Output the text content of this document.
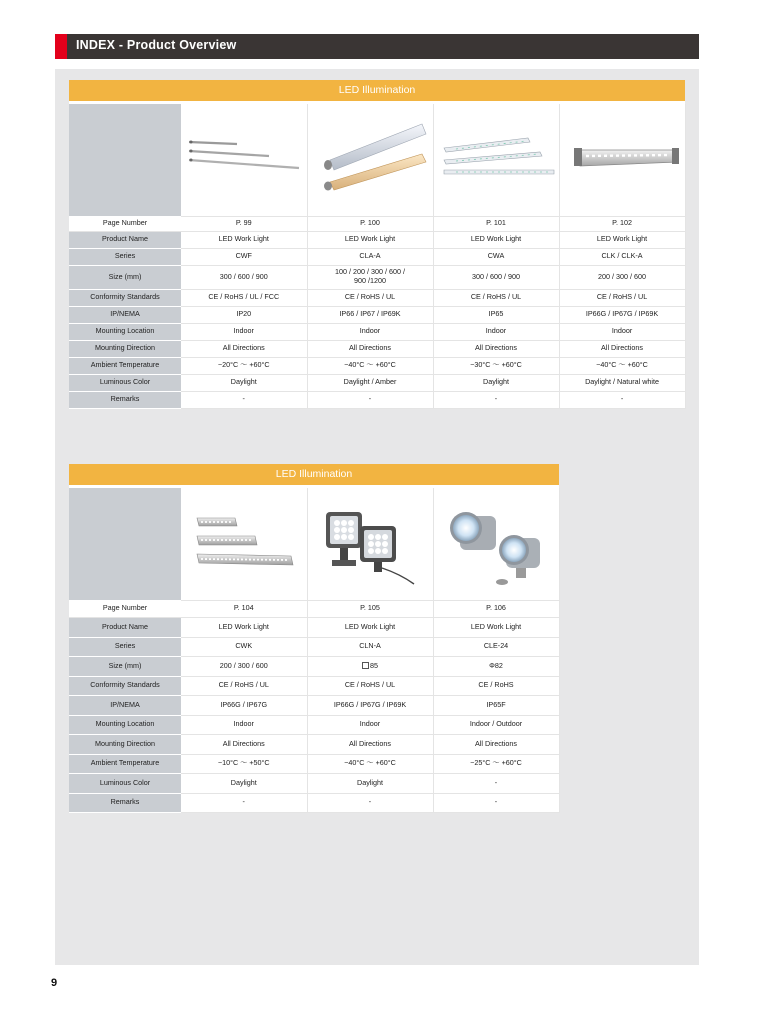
INDEX - Product Overview
LED Illumination				

Page Number	P. 99	P. 100	P. 101	P. 102
Product Name	LED Work Light	LED Work Light	LED Work Light	LED Work Light
Series	CWF	CLA-A	CWA	CLK / CLK-A
Size (mm)	300 / 600 / 900	100 / 200 / 300 / 600 / 900 /1200	300 / 600 / 900	200 / 300 / 600
Conformity Standards	CE / RoHS / UL / FCC	CE / RoHS / UL	CE / RoHS / UL	CE / RoHS / UL
IP/NEMA	IP20	IP66 / IP67 / IP69K	IP65	IP66G / IP67G / IP69K
Mounting Location	Indoor	Indoor	Indoor	Indoor
Mounting Direction	All Directions	All Directions	All Directions	All Directions
Ambient Temperature	−20°C ～ +60°C	−40°C ～ +60°C	−30°C ～ +60°C	−40°C ～ +60°C
Luminous Color	Daylight	Daylight / Amber	Daylight	Daylight / Natural white
Remarks	-	-	-	-
LED Illumination			

Page Number	P. 104	P. 105	P. 106
Product Name	LED Work Light	LED Work Light	LED Work Light
Series	CWK	CLN-A	CLE-24
Size (mm)	200 / 300 / 600	85	Φ82
Conformity Standards	CE / RoHS / UL	CE / RoHS / UL	CE / RoHS
IP/NEMA	IP66G / IP67G	IP66G / IP67G / IP69K	IP65F
Mounting Location	Indoor	Indoor	Indoor / Outdoor
Mounting Direction	All Directions	All Directions	All Directions
Ambient Temperature	−10°C ～ +50°C	−40°C ～ +60°C	−25°C ～ +60°C
Luminous Color	Daylight	Daylight	-
Remarks	-	-	-
9
